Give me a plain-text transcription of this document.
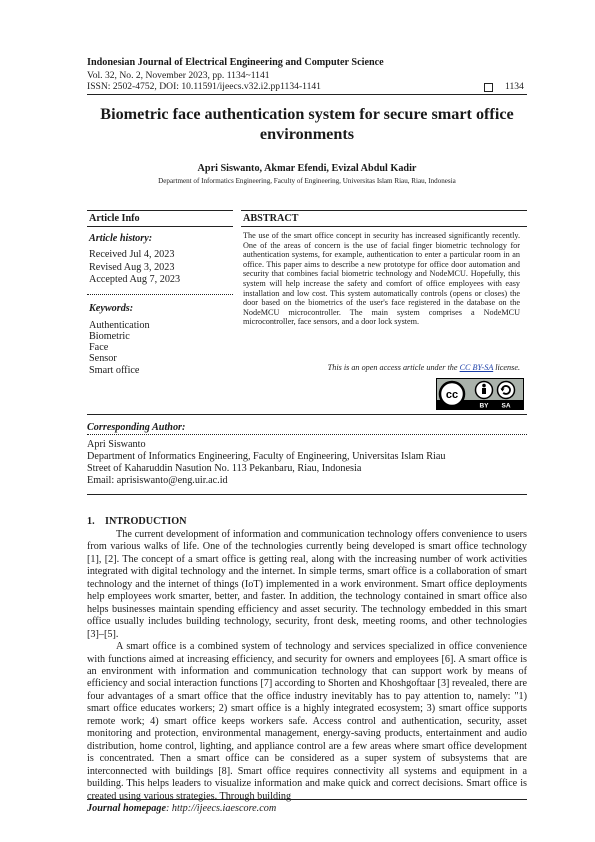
Indonesian Journal of Electrical Engineering and Computer Science
Vol. 32, No. 2, November 2023, pp. 1134~1141
ISSN: 2502-4752, DOI: 10.11591/ijeecs.v32.i2.pp1134-1141	1134
Biometric face authentication system for secure smart office environments
Apri Siswanto, Akmar Efendi, Evizal Abdul Kadir
Department of Informatics Engineering, Faculty of Engineering, Universitas Islam Riau, Riau, Indonesia
Article Info
Article history:
Received Jul 4, 2023
Revised Aug 3, 2023
Accepted Aug 7, 2023
Keywords:
Authentication
Biometric
Face
Sensor
Smart office
ABSTRACT
The use of the smart office concept in security has increased significantly recently. One of the areas of concern is the use of facial finger biometric technology for authentication systems, for example, authentication to enter a particular room in an office. This paper aims to describe a new prototype for office door automation and security that combines facial biometric technology and NodeMCU. Hopefully, this system will help increase the safety and comfort of office employees with easy installation and low cost. This system automatically controls (opens or closes) the door based on the biometrics of the user's face registered in the database on the NodeMCU microcontroller. The main system comprises a NodeMCU microcontroller, face sensors, and a door lock system.
This is an open access article under the CC BY-SA license.
cc
BY SA
Corresponding Author:
Apri Siswanto
Department of Informatics Engineering, Faculty of Engineering, Universitas Islam Riau
Street of Kaharuddin Nasution No. 113 Pekanbaru, Riau, Indonesia
Email: aprisiswanto@eng.uir.ac.id
1. INTRODUCTION

The current development of information and communication technology offers convenience to users from various walks of life. One of the technologies currently being developed is smart office technology [1], [2]. The concept of a smart office is getting real, along with the increasing number of work activities integrated with digital technology and the internet. In simple terms, smart office is a collaboration of smart technology and the internet of things (IoT) implemented in a work environment. Smart office deployments help employees work smarter, better, and faster. In addition, the technology contained in smart office also helps businesses maintain spending efficiency and asset security. The technology embedded in this smart office usually includes building technology, security, front desk, meeting rooms, and other technologies [3]–[5].

A smart office is a combined system of technology and services specialized in office convenience with functions aimed at increasing efficiency, and security for owners and employees [6]. A smart office is an environment with information and communication technology that can support work by means of efficiency and social interaction functions [7] according to Shorten and Khoshgoftaar [3] revealed, there are four advantages of a smart office that the office industry inevitably has to pay attention to, namely: "1) smart office educates workers; 2) smart office is a highly integrated ecosystem; 3) smart office supports remote work; 4) smart office keeps workers safe. Access control and authentication, security, asset monitoring and protection, environmental management, energy-saving products, entertainment and audio distribution, home control, lighting, and appliance control are a few areas where smart office development is concentrated. Then a smart office can be considered as a super system of subsystems that are interconnected with buildings [8]. Smart office requires connectivity all systems and equipment in a building. This helps leaders to visualize information and make quick and correct decisions. Smart office is created using various strategies. Through building

Journal homepage: http://ijeecs.iaescore.com
